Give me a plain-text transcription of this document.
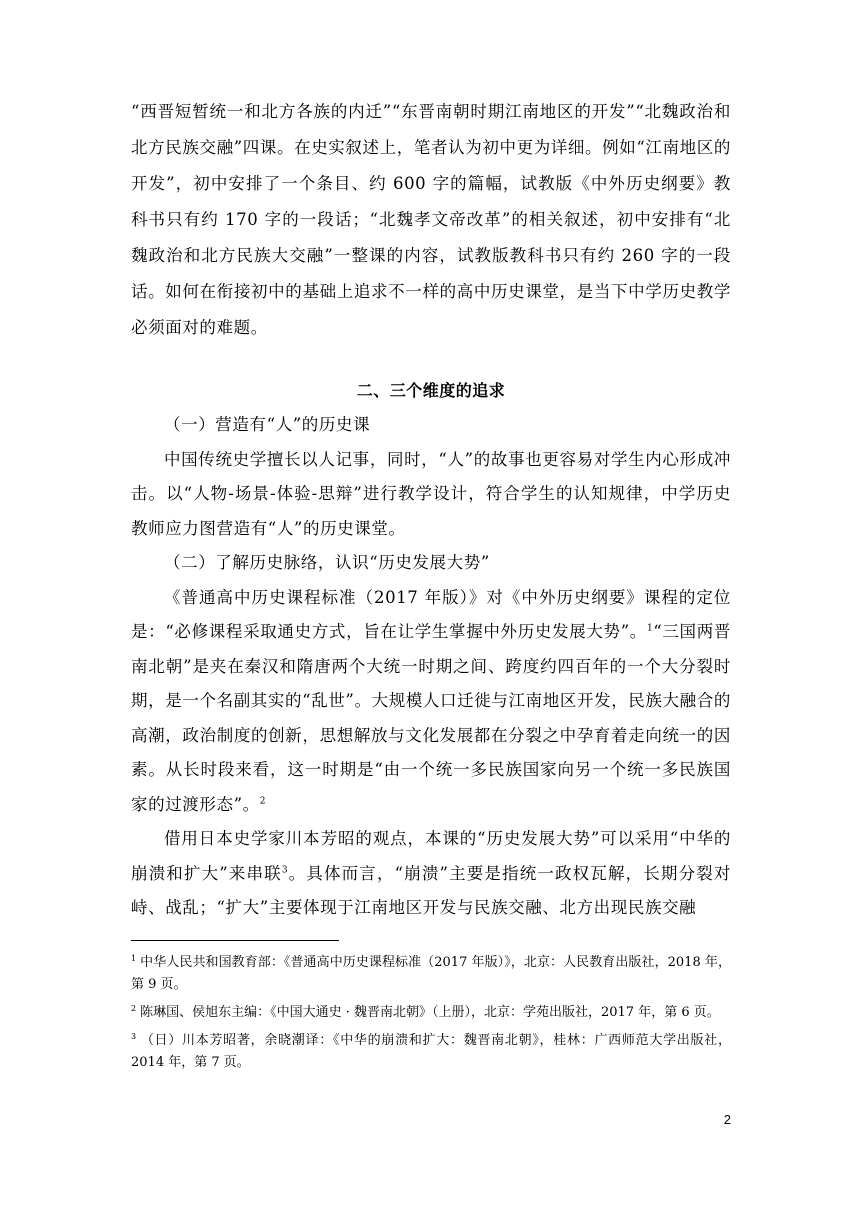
“西晋短暂统一和北方各族的内迁”“东晋南朝时期江南地区的开发”“北魏政治和北方民族交融”四课。在史实叙述上，笔者认为初中更为详细。例如“江南地区的开发”，初中安排了一个条目、约 600 字的篇幅，试教版《中外历史纲要》教科书只有约 170 字的一段话；“北魏孝文帝改革”的相关叙述，初中安排有“北魏政治和北方民族大交融”一整课的内容，试教版教科书只有约 260 字的一段话。如何在衔接初中的基础上追求不一样的高中历史课堂，是当下中学历史教学必须面对的难题。

二、三个维度的追求

（一）营造有“人”的历史课

中国传统史学擅长以人记事，同时，“人”的故事也更容易对学生内心形成冲击。以“人物-场景-体验-思辩”进行教学设计，符合学生的认知规律，中学历史教师应力图营造有“人”的历史课堂。

（二）了解历史脉络，认识“历史发展大势”

《普通高中历史课程标准（2017 年版）》对《中外历史纲要》课程的定位是：“必修课程采取通史方式，旨在让学生掌握中外历史发展大势”。$^1$“三国两晋南北朝”是夹在秦汉和隋唐两个大统一时期之间、跨度约四百年的一个大分裂时期，是一个名副其实的“乱世”。大规模人口迁徙与江南地区开发，民族大融合的高潮，政治制度的创新，思想解放与文化发展都在分裂之中孕育着走向统一的因素。从长时段来看，这一时期是“由一个统一多民族国家向另一个统一多民族国家的过渡形态”。$^2$

借用日本史学家川本芳昭的观点，本课的“历史发展大势”可以采用“中华的崩溃和扩大”来串联$^3$。具体而言，“崩溃”主要是指统一政权瓦解，长期分裂对峙、战乱；“扩大”主要体现于江南地区开发与民族交融、北方出现民族交融

$^1$ 中华人民共和国教育部：《普通高中历史课程标准（2017 年版）》，北京：人民教育出版社，2018 年，第 9 页。

$^2$ 陈琳国、侯旭东主编：《中国大通史 · 魏晋南北朝》（上册），北京：学苑出版社，2017 年，第 6 页。

$^3$ （日）川本芳昭著，余晓潮译：《中华的崩溃和扩大：魏晋南北朝》，桂林：广西师范大学出版社，2014 年，第 7 页。

2
